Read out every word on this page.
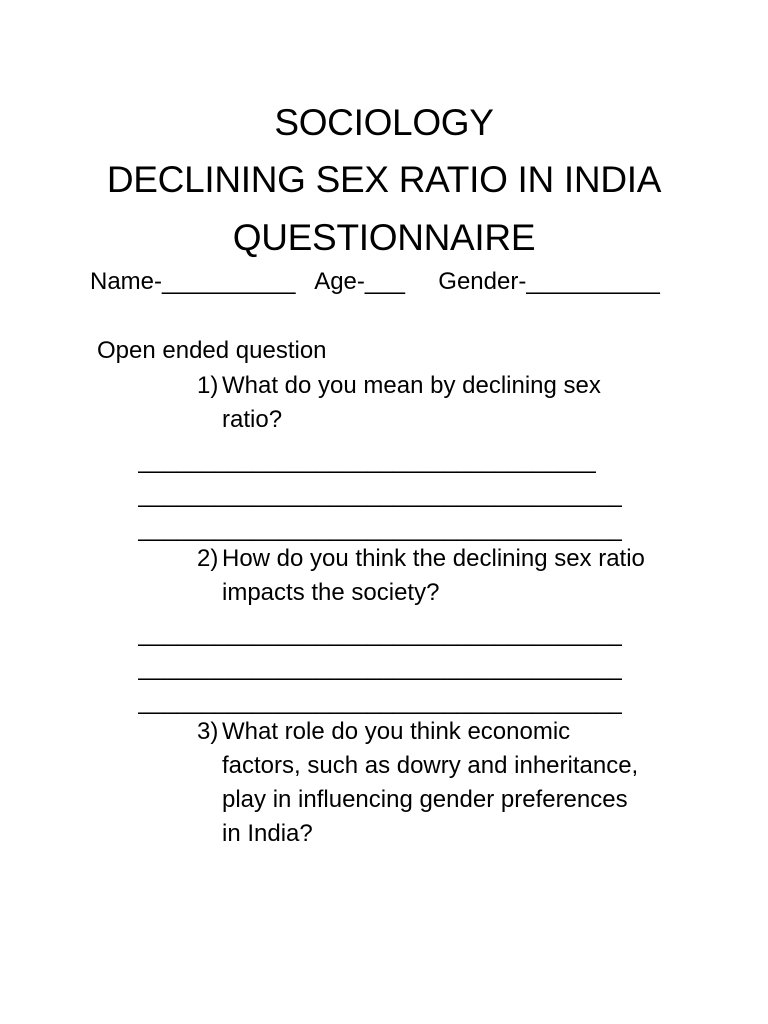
SOCIOLOGY
DECLINING SEX RATIO IN INDIA
QUESTIONNAIRE
Name-__________ Age-___ Gender-__________
Open ended question
1) What do you mean by declining sex
ratio?
____________________________________
______________________________________
______________________________________
2) How do you think the declining sex ratio
impacts the society?
______________________________________
______________________________________
______________________________________
3) What role do you think economic
factors, such as dowry and inheritance,
play in influencing gender preferences
in India?
